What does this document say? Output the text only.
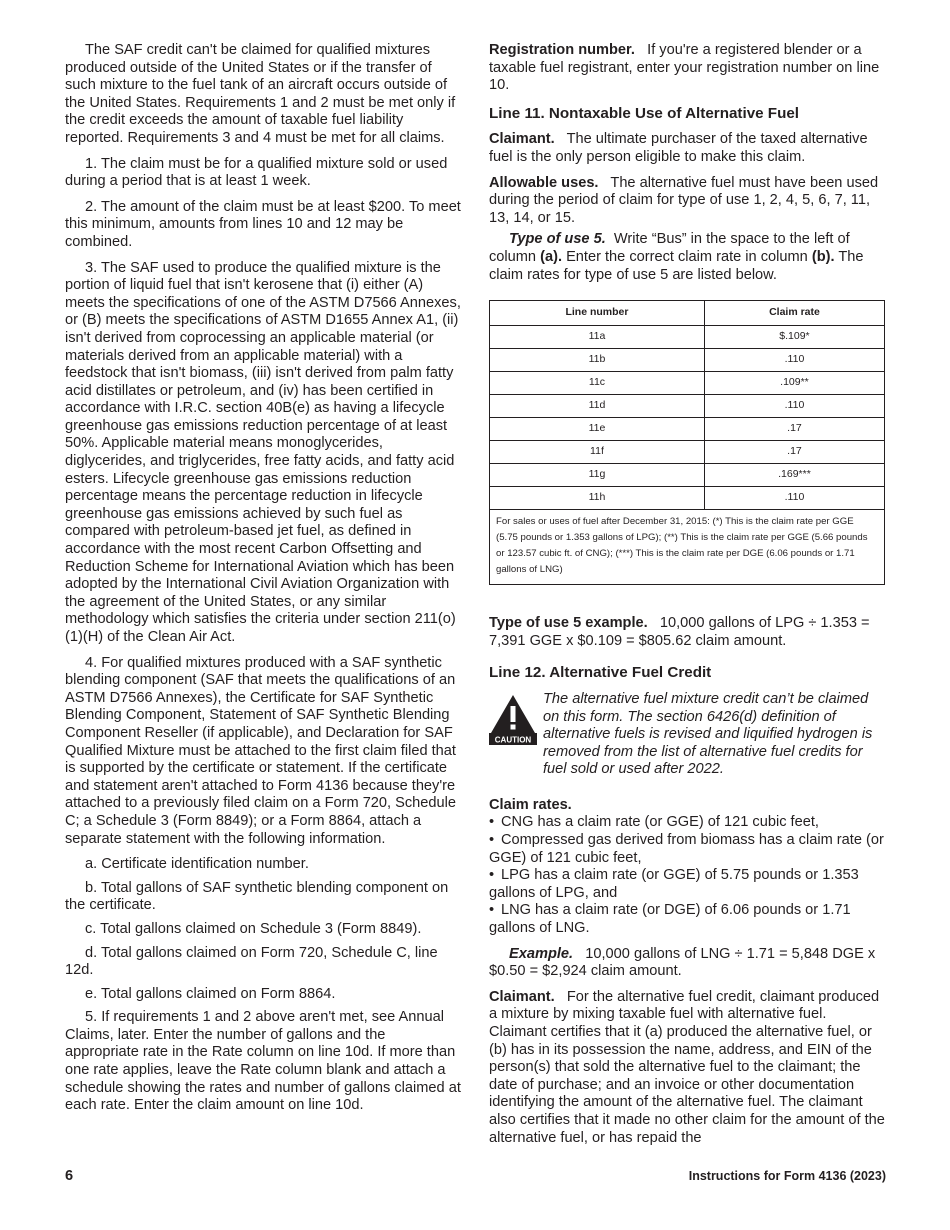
The SAF credit can't be claimed for qualified mixtures produced outside of the United States or if the transfer of such mixture to the fuel tank of an aircraft occurs outside of the United States. Requirements 1 and 2 must be met only if the credit exceeds the amount of taxable fuel liability reported. Requirements 3 and 4 must be met for all claims.

1. The claim must be for a qualified mixture sold or used during a period that is at least 1 week.

2. The amount of the claim must be at least $200. To meet this minimum, amounts from lines 10 and 12 may be combined.

3. The SAF used to produce the qualified mixture is the portion of liquid fuel that isn't kerosene that (i) either (A) meets the specifications of one of the ASTM D7566 Annexes, or (B) meets the specifications of ASTM D1655 Annex A1, (ii) isn't derived from coprocessing an applicable material (or materials derived from an applicable material) with a feedstock that isn't biomass, (iii) isn't derived from palm fatty acid distillates or petroleum, and (iv) has been certified in accordance with I.R.C. section 40B(e) as having a lifecycle greenhouse gas emissions reduction percentage of at least 50%. Applicable material means monoglycerides, diglycerides, and triglycerides, free fatty acids, and fatty acid esters. Lifecycle greenhouse gas emissions reduction percentage means the percentage reduction in lifecycle greenhouse gas emissions achieved by such fuel as compared with petroleum-based jet fuel, as defined in accordance with the most recent Carbon Offsetting and Reduction Scheme for International Aviation which has been adopted by the International Civil Aviation Organization with the agreement of the United States, or any similar methodology which satisfies the criteria under section 211(o)(1)(H) of the Clean Air Act.

4. For qualified mixtures produced with a SAF synthetic blending component (SAF that meets the qualifications of an ASTM D7566 Annexes), the Certificate for SAF Synthetic Blending Component, Statement of SAF Synthetic Blending Component Reseller (if applicable), and Declaration for SAF Qualified Mixture must be attached to the first claim filed that is supported by the certificate or statement. If the certificate and statement aren't attached to Form 4136 because they're attached to a previously filed claim on a Form 720, Schedule C; a Schedule 3 (Form 8849); or a Form 8864, attach a separate statement with the following information.

a. Certificate identification number.

b. Total gallons of SAF synthetic blending component on the certificate.

c. Total gallons claimed on Schedule 3 (Form 8849).

d. Total gallons claimed on Form 720, Schedule C, line 12d.

e. Total gallons claimed on Form 8864.

5. If requirements 1 and 2 above aren't met, see Annual Claims, later. Enter the number of gallons and the appropriate rate in the Rate column on line 10d. If more than one rate applies, leave the Rate column blank and attach a schedule showing the rates and number of gallons claimed at each rate. Enter the claim amount on line 10d.

Registration number. If you're a registered blender or a taxable fuel registrant, enter your registration number on line 10.

Line 11. Nontaxable Use of Alternative Fuel

Claimant. The ultimate purchaser of the taxed alternative fuel is the only person eligible to make this claim.

Allowable uses. The alternative fuel must have been used during the period of claim for type of use 1, 2, 4, 5, 6, 7, 11, 13, 14, or 15.

Type of use 5. Write “Bus” in the space to the left of column (a). Enter the correct claim rate in column (b). The claim rates for type of use 5 are listed below.

Line number	Claim rate
11a	$.109*
11b	.110
11c	.109**
11d	.110
11e	.17
11f	.17
11g	.169***
11h	.110
For sales or uses of fuel after December 31, 2015: (*) This is the claim rate per GGE (5.75 pounds or 1.353 gallons of LPG); (**) This is the claim rate per GGE (5.66 pounds or 123.57 cubic ft. of CNG); (***) This is the claim rate per DGE (6.06 pounds or 1.71 gallons of LNG)	

Type of use 5 example. 10,000 gallons of LPG ÷ 1.353 = 7,391 GGE x $0.109 = $805.62 claim amount.

Line 12. Alternative Fuel Credit
CAUTION

The alternative fuel mixture credit can’t be claimed on this form. The section 6426(d) definition of alternative fuels is revised and liquified hydrogen is removed from the list of alternative fuel credits for fuel sold or used after 2022.

Claim rates.

• CNG has a claim rate (or GGE) of 121 cubic feet,
• Compressed gas derived from biomass has a claim rate (or GGE) of 121 cubic feet,
• LPG has a claim rate (or GGE) of 5.75 pounds or 1.353 gallons of LPG, and
• LNG has a claim rate (or DGE) of 6.06 pounds or 1.71 gallons of LNG.

Example. 10,000 gallons of LNG ÷ 1.71 = 5,848 DGE x $0.50 = $2,924 claim amount.

Claimant. For the alternative fuel credit, claimant produced a mixture by mixing taxable fuel with alternative fuel. Claimant certifies that it (a) produced the alternative fuel, or (b) has in its possession the name, address, and EIN of the person(s) that sold the alternative fuel to the claimant; the date of purchase; and an invoice or other documentation identifying the amount of the alternative fuel. The claimant also certifies that it made no other claim for the amount of the alternative fuel, or has repaid the

6	Instructions for Form 4136 (2023)
